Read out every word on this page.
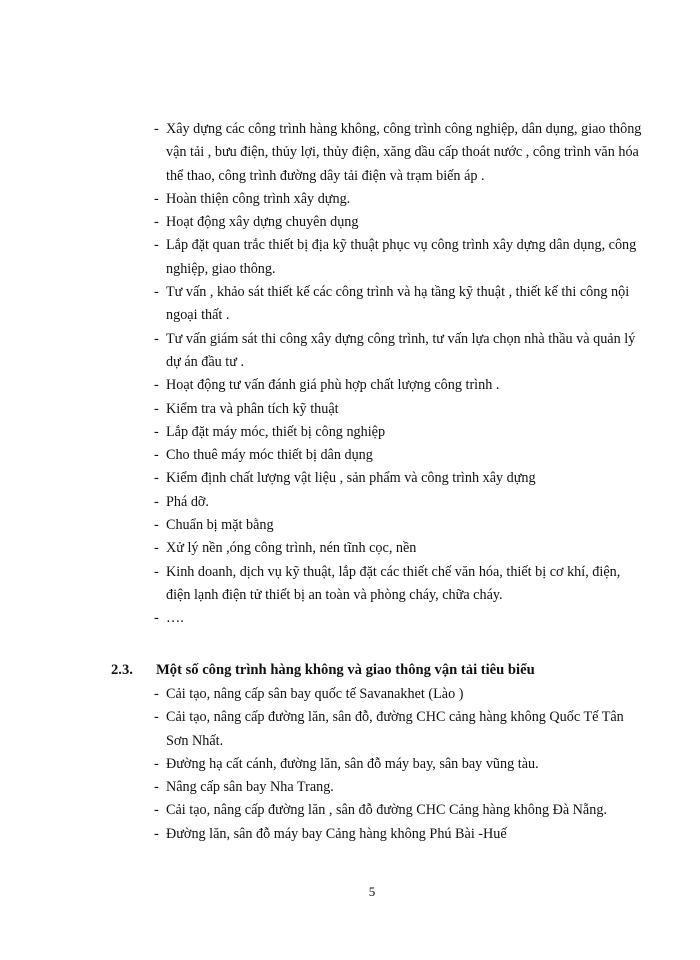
- Xây dựng các công trình hàng không, công trình công nghiệp, dân dụng, giao thông vận tải , bưu điện, thủy lợi, thủy điện, xăng dầu cấp thoát nước , công trình văn hóa thể thao, công trình đường dây tải điện và trạm biến áp .
- Hoàn thiện công trình xây dựng.
- Hoạt động xây dựng chuyên dụng
- Lắp đặt quan trắc thiết bị địa kỹ thuật phục vụ công trình xây dựng dân dụng, công nghiệp, giao thông.
- Tư vấn , khảo sát thiết kế các công trình và hạ tầng kỹ thuật , thiết kế thi công nội ngoại thất .
- Tư vấn giám sát thi công xây dựng công trình, tư vấn lựa chọn nhà thầu và quản lý dự án đầu tư .
- Hoạt động tư vấn đánh giá phù hợp chất lượng công trình .
- Kiểm tra và phân tích kỹ thuật
- Lắp đặt máy móc, thiết bị công nghiệp
- Cho thuê máy móc thiết bị dân dụng
- Kiểm định chất lượng vật liệu , sản phẩm và công trình xây dựng
- Phá dỡ.
- Chuẩn bị mặt bằng
- Xử lý nền ,óng công trình, nén tĩnh cọc, nền
- Kinh doanh, dịch vụ kỹ thuật, lắp đặt các thiết chế văn hóa, thiết bị cơ khí, điện, điện lạnh điện tử thiết bị an toàn và phòng cháy, chữa cháy.
- ….
2.3. Một số công trình hàng không và giao thông vận tải tiêu biểu
- Cải tạo, nâng cấp sân bay quốc tế Savanakhet (Lào )
- Cải tạo, nâng cấp đường lăn, sân đỗ, đường CHC cảng hàng không Quốc Tế Tân Sơn Nhất.
- Đường hạ cất cánh, đường lăn, sân đỗ máy bay, sân bay vũng tàu.
- Nâng cấp sân bay Nha Trang.
- Cải tạo, nâng cấp đường lăn , sân đỗ đường CHC Cảng hàng không Đà Nẵng.
- Đường lăn, sân đỗ máy bay Cảng hàng không Phú Bài -Huế
5
